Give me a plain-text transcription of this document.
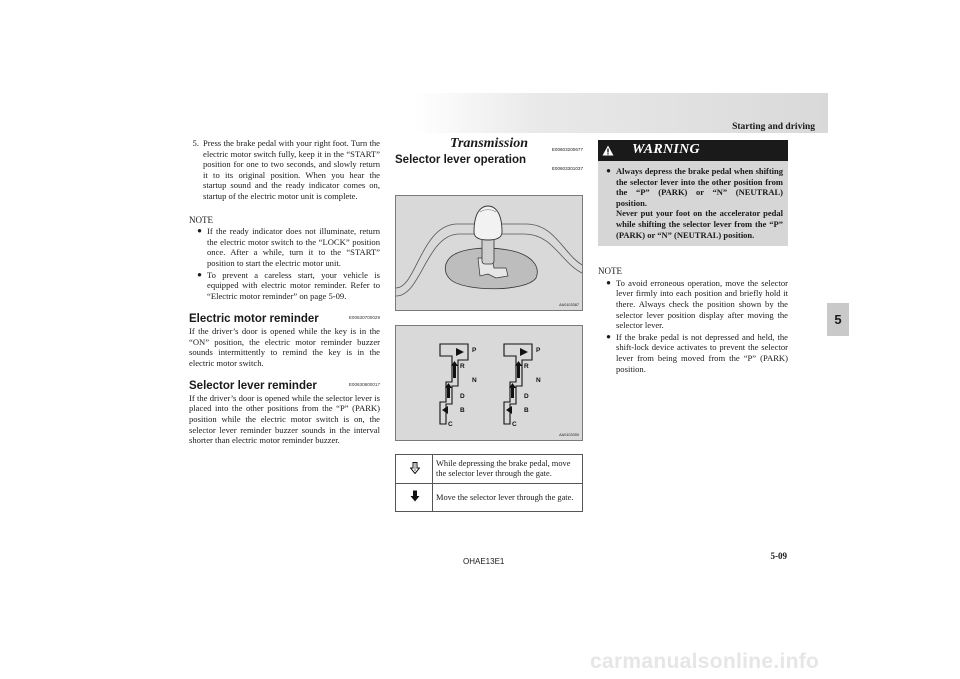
Starting and driving
5. Press the brake pedal with your right foot. Turn the electric motor switch fully, keep it in the “START” position for one to two seconds, and slowly return it to its original position. When you hear the startup sound and the ready indicator comes on, startup of the electric motor unit is complete.
NOTE
● If the ready indicator does not illuminate, return the electric motor switch to the “LOCK” position once. After a while, turn it to the “START” position to start the electric motor unit.
● To prevent a careless start, your vehicle is equipped with electric motor reminder. Refer to “Electric motor reminder” on page 5-09.
Electric motor reminder	E00630700029

If the driver’s door is opened while the key is in the “ON” position, the electric motor reminder buzzer sounds intermittently to remind the key is in the electric motor switch.

Selector lever reminder	E00630800017

If the driver’s door is opened while the selector lever is placed into the other positions from the “P” (PARK) position while the electric motor switch is on, the selector lever reminder buzzer sounds in the interval shorter than electric motor reminder buzzer.

Transmission	E00603200677
Selector lever operation
E00603301037
AA0103387
P
R
N
D
B
C
P
R
N
D
B
C
AA0103390
	While depressing the brake pedal, move the selector lever through the gate.
	Move the selector lever through the gate.
WARNING
● Always depress the brake pedal when shifting the selector lever into the other position from the “P” (PARK) or “N” (NEUTRAL) position.
Never put your foot on the accelerator pedal while shifting the selector lever from the “P” (PARK) or “N” (NEUTRAL) position.
NOTE
● To avoid erroneous operation, move the selector lever firmly into each position and briefly hold it there. Always check the position shown by the selector lever position display after moving the selector lever.
● If the brake pedal is not depressed and held, the shift-lock device activates to prevent the selector lever from being moved from the “P” (PARK) position.
5
OHAE13E1
5-09
carmanualsonline.info
